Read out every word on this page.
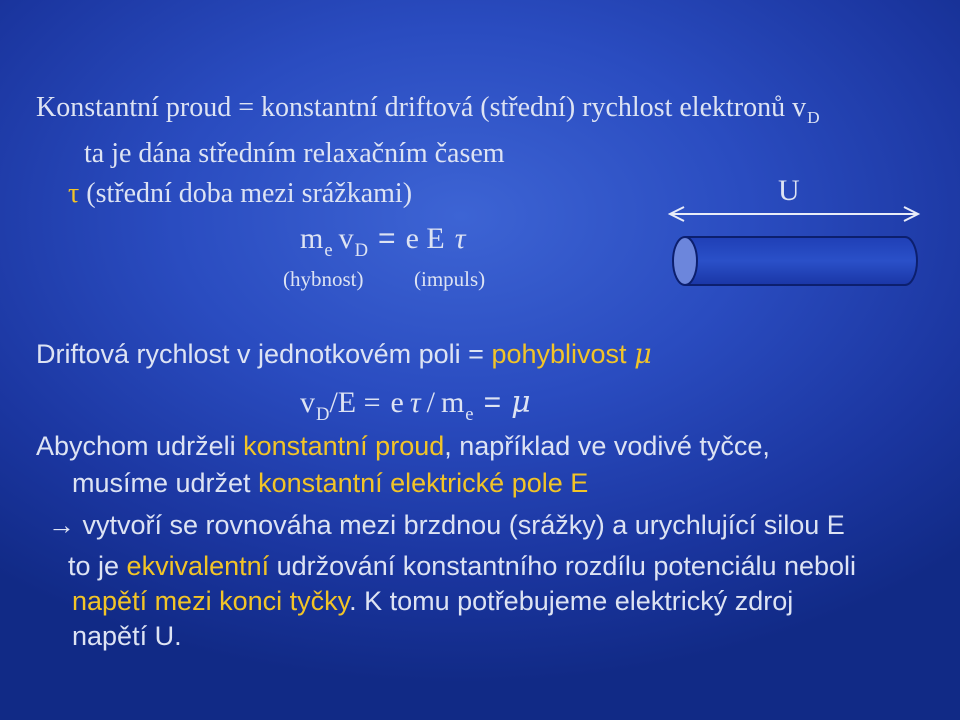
Konstantní proud = konstantní driftová (střední) rychlost elektronů $v_D$
ta je dána středním relaxačním časem
τ (střední doba mezi srážkami)
$m_e$ $v_D = e$ E τ
(hybnost) (impuls)
U
Driftová rychlost v jednotkovém poli = pohyblivost μ
$v_D/E = e$ $\tau / m_e = \mu$
Abychom udrželi konstantní proud, například ve vodivé tyčce,
musíme udržet konstantní elektrické pole E
→ vytvoří se rovnováha mezi brzdnou (srážky) a urychlující silou E
to je ekvivalentní udržování konstantního rozdílu potenciálu neboli
napětí mezi konci tyčky. K tomu potřebujeme elektrický zdroj
napětí U.
